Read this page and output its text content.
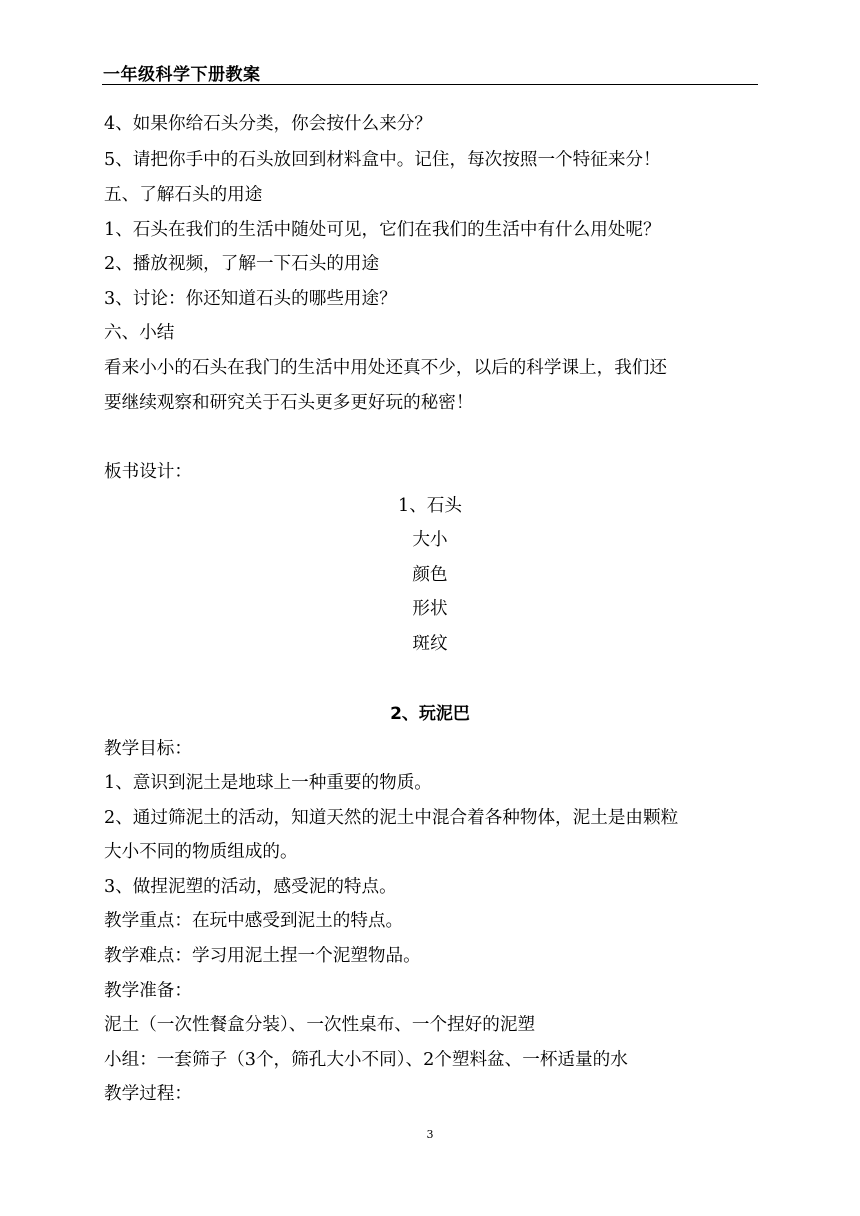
一年级科学下册教案
4、如果你给石头分类，你会按什么来分？
5、请把你手中的石头放回到材料盒中。记住，每次按照一个特征来分！
五、了解石头的用途
1、石头在我们的生活中随处可见，它们在我们的生活中有什么用处呢？
2、播放视频，了解一下石头的用途
3、讨论：你还知道石头的哪些用途？
六、小结
看来小小的石头在我门的生活中用处还真不少，以后的科学课上，我们还
要继续观察和研究关于石头更多更好玩的秘密！
板书设计：
1、石头
大小
颜色
形状
斑纹
2、玩泥巴
教学目标：
1、意识到泥土是地球上一种重要的物质。
2、通过筛泥土的活动，知道天然的泥土中混合着各种物体，泥土是由颗粒
大小不同的物质组成的。
3、做捏泥塑的活动，感受泥的特点。
教学重点：在玩中感受到泥土的特点。
教学难点：学习用泥土捏一个泥塑物品。
教学准备：
泥土（一次性餐盒分装）、一次性桌布、一个捏好的泥塑
小组：一套筛子（3个，筛孔大小不同）、2个塑料盆、一杯适量的水
教学过程：
3
